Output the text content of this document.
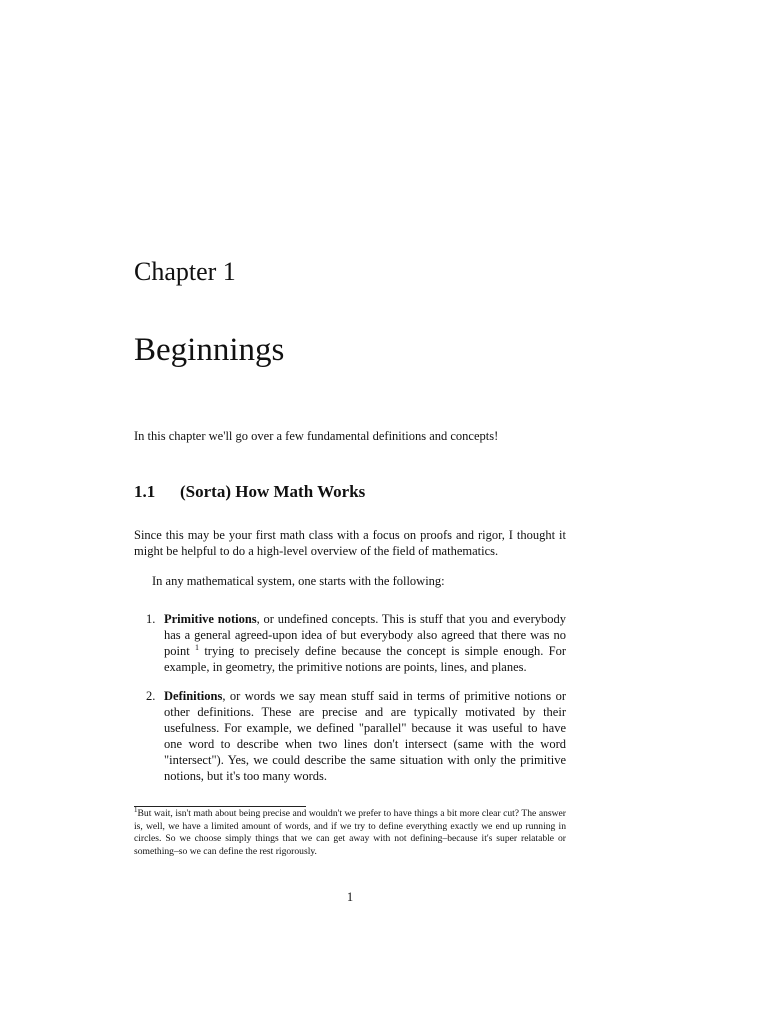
Chapter 1
Beginnings

In this chapter we'll go over a few fundamental definitions and concepts!

1.1 (Sorta) How Math Works

Since this may be your first math class with a focus on proofs and rigor, I thought it might be helpful to do a high-level overview of the field of mathematics.

In any mathematical system, one starts with the following:

1. Primitive notions, or undefined concepts. This is stuff that you and everybody has a general agreed-upon idea of but everybody also agreed that there was no point $^1$ trying to precisely define because the concept is simple enough. For example, in geometry, the primitive notions are points, lines, and planes.
2. Definitions, or words we say mean stuff said in terms of primitive notions or other definitions. These are precise and are typically motivated by their usefulness. For example, we defined "parallel" because it was useful to have one word to describe when two lines don't intersect (same with the word "intersect"). Yes, we could describe the same situation with only the primitive notions, but it's too many words.

$^1$But wait, isn't math about being precise and wouldn't we prefer to have things a bit more clear cut? The answer is, well, we have a limited amount of words, and if we try to define everything exactly we end up running in circles. So we choose simply things that we can get away with not defining–because it's super relatable or something–so we can define the rest rigorously.

1
